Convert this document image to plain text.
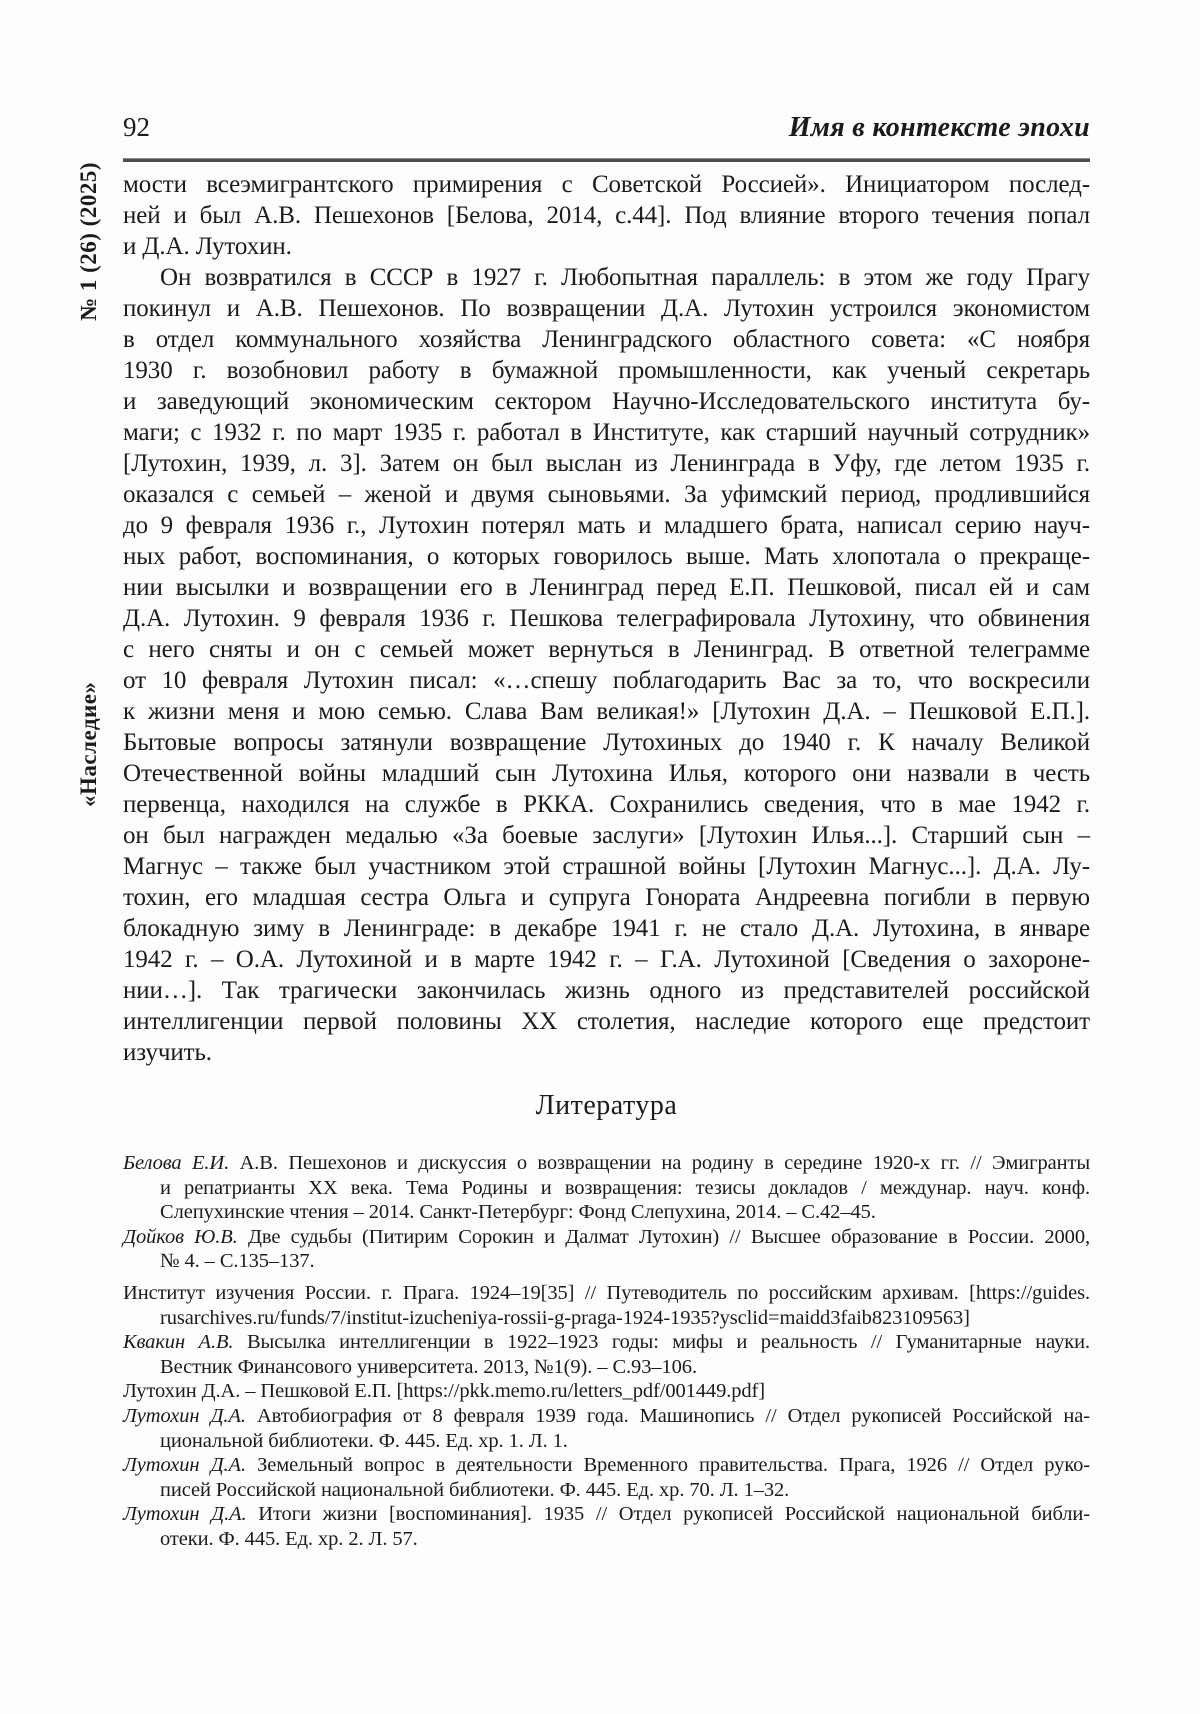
92	Имя в контексте эпохи
«Наследие»
№ 1 (26) (2025) мости всеэмигрантского примирения с Советской Россией». Инициатором послед-
ней и был А.В. Пешехонов [Белова, 2014, с.44]. Под влияние второго течения попал
и Д.А. Лутохин.
Он возвратился в СССР в 1927 г. Любопытная параллель: в этом же году Прагу
покинул и А.В. Пешехонов. По возвращении Д.А. Лутохин устроился экономистом
в отдел коммунального хозяйства Ленинградского областного совета: «С ноября
1930 г. возобновил работу в бумажной промышленности, как ученый секретарь
и заведующий экономическим сектором Научно-Исследовательского института бу-
маги; с 1932 г. по март 1935 г. работал в Институте, как старший научный сотрудник»
[Лутохин, 1939, л. 3]. Затем он был выслан из Ленинграда в Уфу, где летом 1935 г.
оказался с семьей – женой и двумя сыновьями. За уфимский период, продлившийся
до 9 февраля 1936 г., Лутохин потерял мать и младшего брата, написал серию науч-
ных работ, воспоминания, о которых говорилось выше. Мать хлопотала о прекраще-
нии высылки и возвращении его в Ленинград перед Е.П. Пешковой, писал ей и сам
Д.А. Лутохин. 9 февраля 1936 г. Пешкова телеграфировала Лутохину, что обвинения
с него сняты и он с семьей может вернуться в Ленинград. В ответной телеграмме
от 10 февраля Лутохин писал: «…спешу поблагодарить Вас за то, что воскресили
к жизни меня и мою семью. Слава Вам великая!» [Лутохин Д.А. – Пешковой Е.П.].
Бытовые вопросы затянули возвращение Лутохиных до 1940 г. К началу Великой
Отечественной войны младший сын Лутохина Илья, которого они назвали в честь
первенца, находился на службе в РККА. Сохранились сведения, что в мае 1942 г.
он был награжден медалью «За боевые заслуги» [Лутохин Илья...]. Старший сын –
Магнус – также был участником этой страшной войны [Лутохин Магнус...]. Д.А. Лу-
тохин, его младшая сестра Ольга и супруга Гонората Андреевна погибли в первую
блокадную зиму в Ленинграде: в декабре 1941 г. не стало Д.А. Лутохина, в январе
1942 г. – О.А. Лутохиной и в марте 1942 г. – Г.А. Лутохиной [Сведения о захороне-
нии…]. Так трагически закончилась жизнь одного из представителей российской
интеллигенции первой половины XX столетия, наследие которого еще предстоит
изучить.
Литература
Белова Е.И. А.В. Пешехонов и дискуссия о возвращении на родину в середине 1920-х гг. // Эмигранты
и репатрианты XX века. Тема Родины и возвращения: тезисы докладов / междунар. науч. конф.
Слепухинские чтения – 2014. Санкт-Петербург: Фонд Слепухина, 2014. – С.42–45.
Дойков Ю.В. Две судьбы (Питирим Сорокин и Далмат Лутохин) // Высшее образование в России. 2000,
№ 4. – С.135–137.
Институт изучения России. г. Прага. 1924–19[35] // Путеводитель по российским архивам. [https://guides.
rusarchives.ru/funds/7/institut-izucheniya-rossii-g-praga-1924-1935?ysclid=maidd3faib823109563]
Квакин А.В. Высылка интеллигенции в 1922–1923 годы: мифы и реальность // Гуманитарные науки.
Вестник Финансового университета. 2013, №1(9). – С.93–106.
Лутохин Д.А. – Пешковой Е.П. [https://pkk.memo.ru/letters_pdf/001449.pdf]
Лутохин Д.А. Автобиография от 8 февраля 1939 года. Машинопись // Отдел рукописей Российской на-
циональной библиотеки. Ф. 445. Ед. хр. 1. Л. 1.
Лутохин Д.А. Земельный вопрос в деятельности Временного правительства. Прага, 1926 // Отдел руко-
писей Российской национальной библиотеки. Ф. 445. Ед. хр. 70. Л. 1–32.
Лутохин Д.А. Итоги жизни [воспоминания]. 1935 // Отдел рукописей Российской национальной библи-
отеки. Ф. 445. Ед. хр. 2. Л. 57.
